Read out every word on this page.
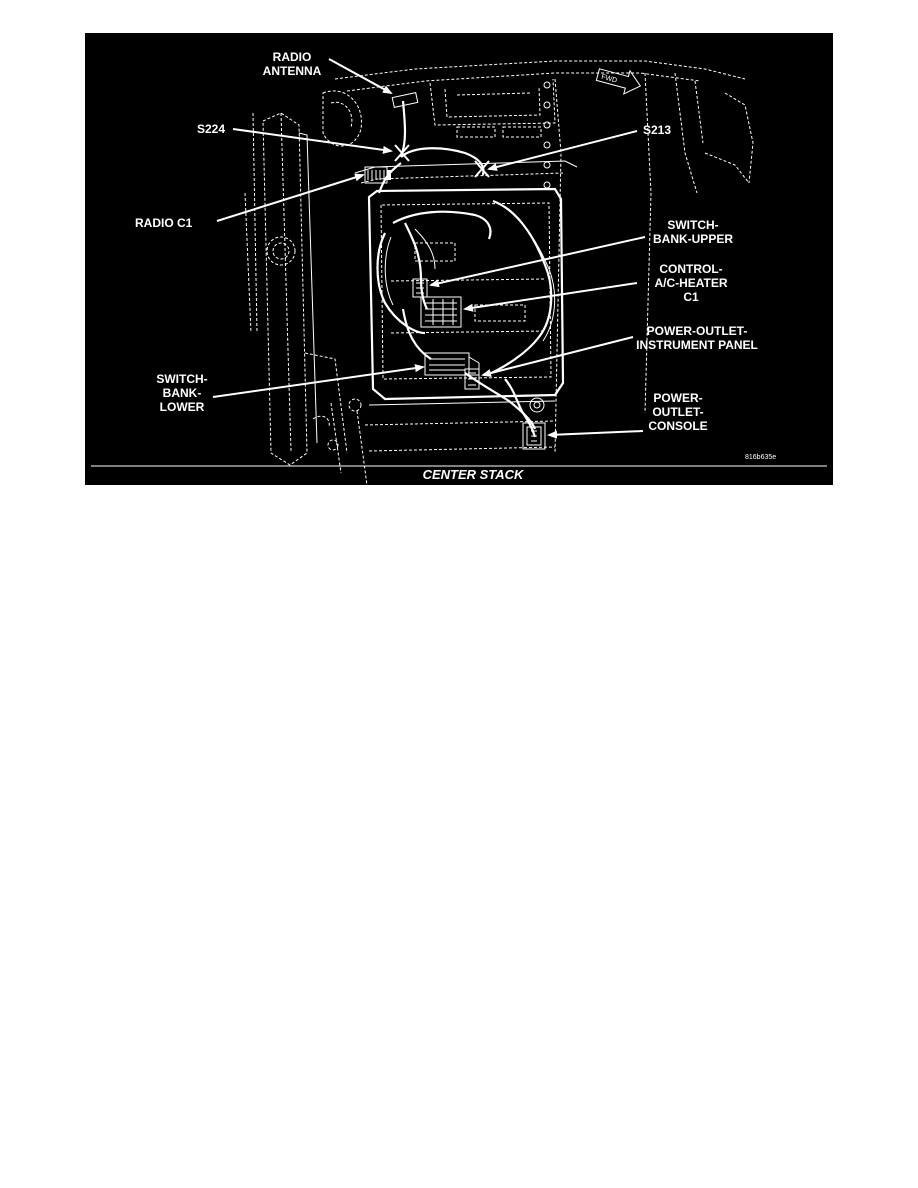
FWD
RADIO
ANTENNA
S224	S213
RADIO C1	SWITCH-
BANK-UPPER
CONTROL-
A/C-HEATER
C1
POWER-OUTLET-
INSTRUMENT PANEL
SWITCH-
BANK-
LOWER
POWER-
OUTLET-
CONSOLE
816b635e
CENTER STACK
